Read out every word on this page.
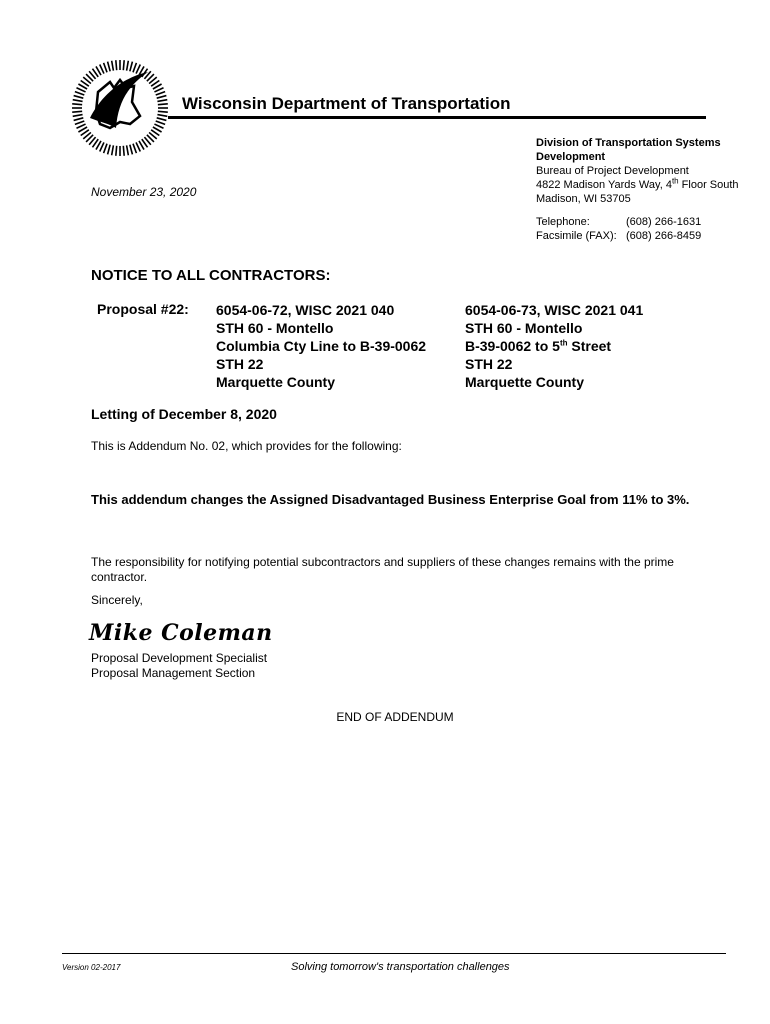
Wisconsin Department of Transportation
Division of Transportation Systems
Development
Bureau of Project Development
4822 Madison Yards Way, 4th Floor South
Madison, WI 53705
Telephone:	(608) 266-1631
Facsimile (FAX): (608) 266-8459
November 23, 2020
NOTICE TO ALL CONTRACTORS:
Proposal #22: 6054-06-72, WISC 2021 040
STH 60 - Montello
Columbia Cty Line to B-39-0062
STH 22
Marquette County
6054-06-73, WISC 2021 041
STH 60 - Montello
B-39-0062 to 5th Street
STH 22
Marquette County
Letting of December 8, 2020
This is Addendum No. 02, which provides for the following:
This addendum changes the Assigned Disadvantaged Business Enterprise Goal from 11% to 3%.
The responsibility for notifying potential subcontractors and suppliers of these changes remains with the prime contractor.
Sincerely,
Mike Coleman
Proposal Development Specialist
Proposal Management Section
END OF ADDENDUM
Version 02-2017	Solving tomorrow's transportation challenges
